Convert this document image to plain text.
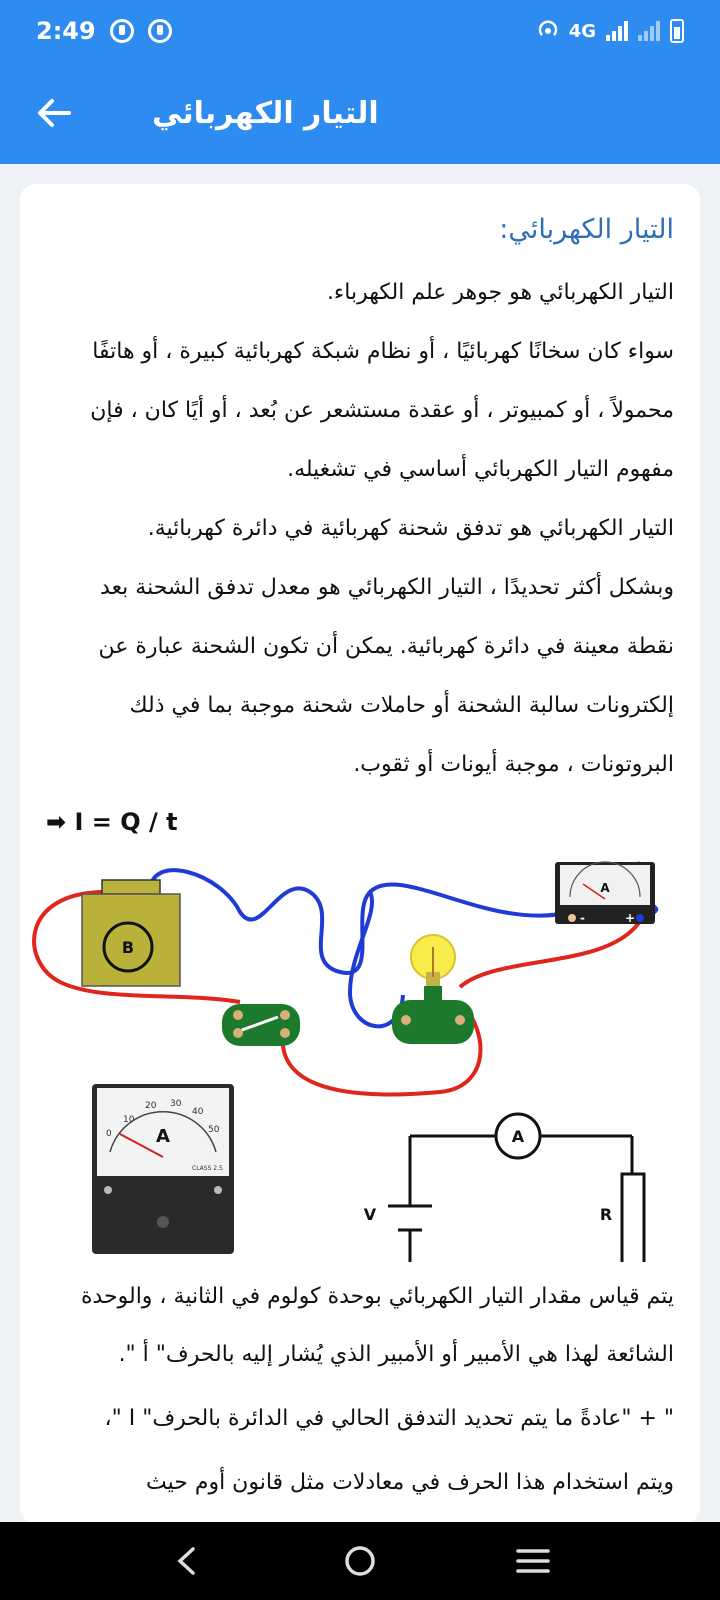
2:49	4G
التيار الكهربائي
التيار الكهربائي:

التيار الكهربائي هو جوهر علم الكهرباء.

سواء كان سخانًا كهربائيًا ، أو نظام شبكة كهربائية كبيرة ، أو هاتفًا محمولاً ، أو كمبيوتر ، أو عقدة مستشعر عن بُعد ، أو أيًا كان ، فإن مفهوم التيار الكهربائي أساسي في تشغيله.

التيار الكهربائي هو تدفق شحنة كهربائية في دائرة كهربائية.

وبشكل أكثر تحديدًا ، التيار الكهربائي هو معدل تدفق الشحنة بعد نقطة معينة في دائرة كهربائية. يمكن أن تكون الشحنة عبارة عن إلكترونات سالبة الشحنة أو حاملات شحنة موجبة بما في ذلك البروتونات ، موجبة أيونات أو ثقوب.

➡ I = Q / t
B
A
-	+
10
20 30
40
50
0 A
CLASS 2.5
A
V	R

يتم قياس مقدار التيار الكهربائي بوحدة كولوم في الثانية ، والوحدة الشائعة لهذا هي الأمبير أو الأمبير الذي يُشار إليه بالحرف" أ ".

" + "عادةً ما يتم تحديد التدفق الحالي في الدائرة بالحرف" I "،

ويتم استخدام هذا الحرف في معادلات مثل قانون أوم حيث
